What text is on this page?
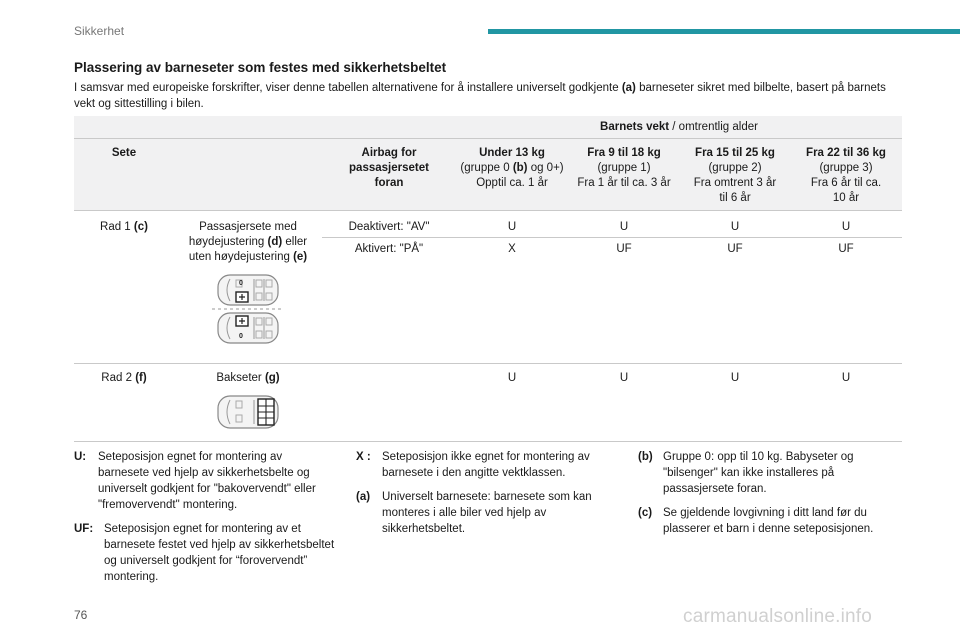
Sikkerhet
Plassering av barneseter som festes med sikkerhetsbeltet
I samsvar med europeiske forskrifter, viser denne tabellen alternativene for å installere universelt godkjente (a) barneseter sikret med bilbelte, basert på barnets vekt og sittestilling i bilen.
			Barnets vekt / omtrentlig alder			
Sete		Airbag for passasjersetet foran	Under 13 kg
(gruppe 0 (b) og 0+)
Opptil ca. 1 år	Fra 9 til 18 kg
(gruppe 1)
Fra 1 år til ca. 3 år	Fra 15 til 25 kg
(gruppe 2)
Fra omtrent 3 år til 6 år	Fra 22 til 36 kg
(gruppe 3)
Fra 6 år til ca. 10 år
Rad 1 (c)	Passasjersete med høydejustering (d) eller uten høydejustering (e)
0
0	Deaktivert: "AV"	U	U	U	U
		Aktivert: "PÅ"	X	UF	UF	UF
Rad 2 (f)	Bakseter (g)		U	U	U	U
U:	Seteposisjon egnet for montering av barnesete ved hjelp av sikkerhetsbelte og universelt godkjent for "bakovervendt" eller "fremovervendt" montering.
UF: Seteposisjon egnet for montering av et barnesete festet ved hjelp av sikkerhetsbeltet og universelt godkjent for “forovervendt” montering.
X : Seteposisjon ikke egnet for montering av barnesete i den angitte vektklassen.
(a)	Universelt barnesete: barnesete som kan monteres i alle biler ved hjelp av sikkerhetsbeltet.
(b) Gruppe 0: opp til 10 kg. Babyseter og "bilsenger" kan ikke installeres på passasjersete foran.
(c) Se gjeldende lovgivning i ditt land før du plasserer et barn i denne seteposisjonen.
76	carmanualsonline.info
